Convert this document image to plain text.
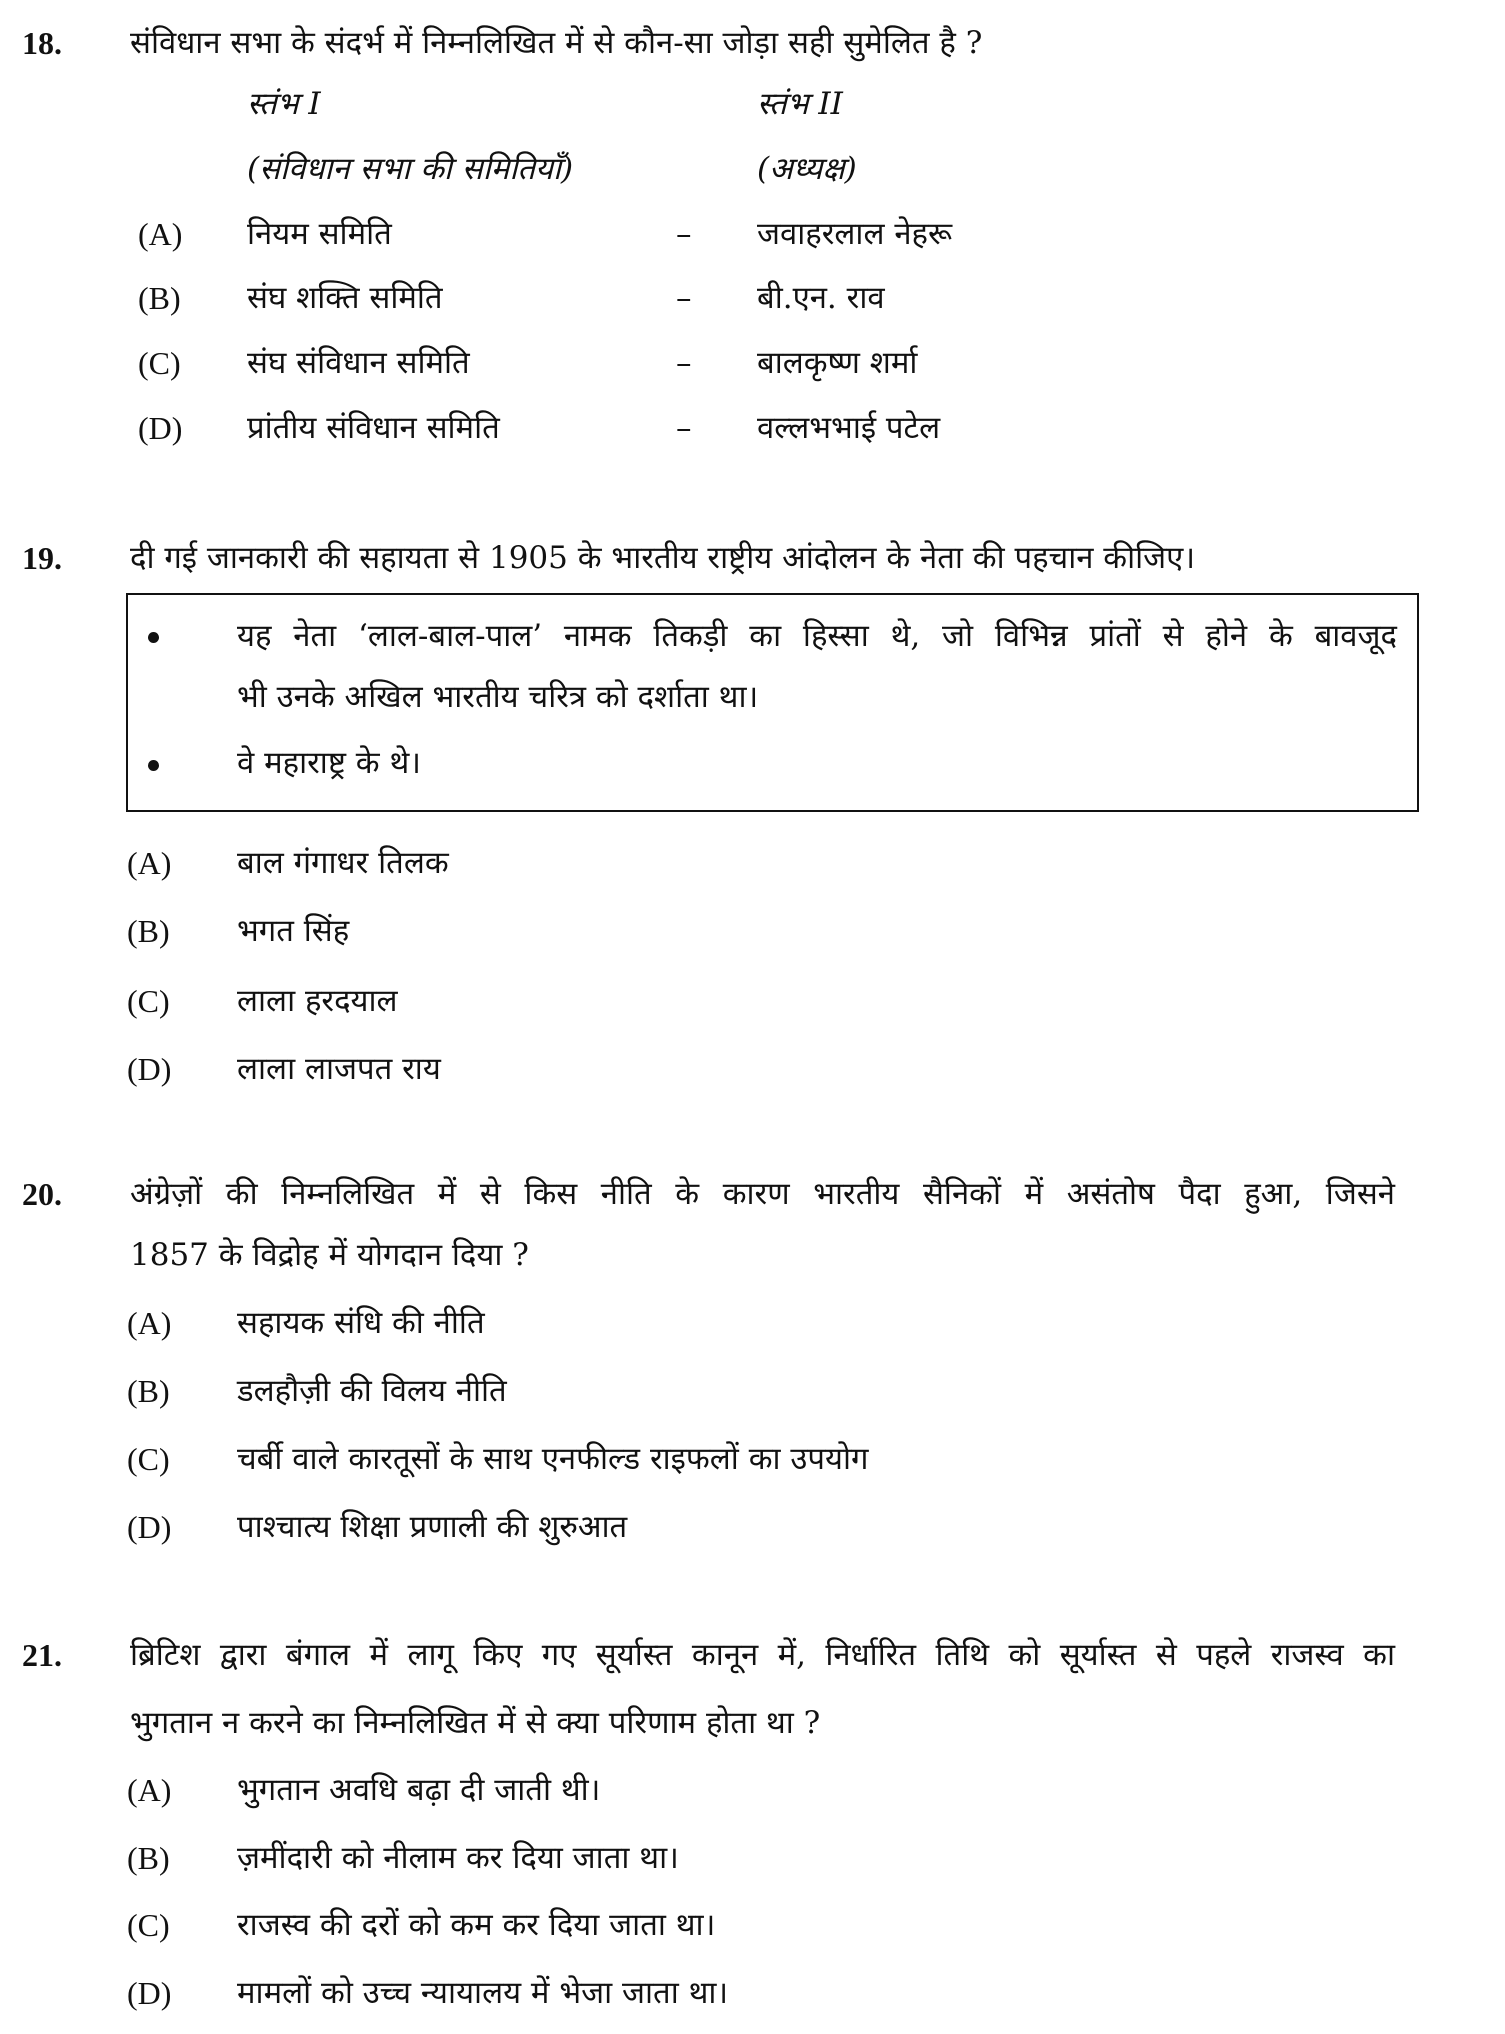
18. संविधान सभा के संदर्भ में निम्नलिखित में से कौन-सा जोड़ा सही सुमेलित है ?
स्तंभ I	स्तंभ II
(संविधान सभा की समितियाँ)	(अध्यक्ष)
(A) नियम समिति	– जवाहरलाल नेहरू
(B) संघ शक्ति समिति	– बी.एन. राव
(C) संघ संविधान समिति	– बालकृष्ण शर्मा
(D) प्रांतीय संविधान समिति	– वल्लभभाई पटेल
19. दी गई जानकारी की सहायता से 1905 के भारतीय राष्ट्रीय आंदोलन के नेता की पहचान कीजिए।
यह नेता ‘लाल-बाल-पाल’ नामक तिकड़ी का हिस्सा थे, जो विभिन्न प्रांतों से होने के बावजूद
भी उनके अखिल भारतीय चरित्र को दर्शाता था।
वे महाराष्ट्र के थे।
(A) बाल गंगाधर तिलक
(B) भगत सिंह
(C) लाला हरदयाल
(D) लाला लाजपत राय
20. अंग्रेज़ों की निम्नलिखित में से किस नीति के कारण भारतीय सैनिकों में असंतोष पैदा हुआ, जिसने
1857 के विद्रोह में योगदान दिया ?
(A) सहायक संधि की नीति
(B) डलहौज़ी की विलय नीति
(C) चर्बी वाले कारतूसों के साथ एनफील्ड राइफलों का उपयोग
(D) पाश्चात्य शिक्षा प्रणाली की शुरुआत
21. ब्रिटिश द्वारा बंगाल में लागू किए गए सूर्यास्त कानून में, निर्धारित तिथि को सूर्यास्त से पहले राजस्व का
भुगतान न करने का निम्नलिखित में से क्या परिणाम होता था ?
(A) भुगतान अवधि बढ़ा दी जाती थी।
(B) ज़मींदारी को नीलाम कर दिया जाता था।
(C) राजस्व की दरों को कम कर दिया जाता था।
(D) मामलों को उच्च न्यायालय में भेजा जाता था।
